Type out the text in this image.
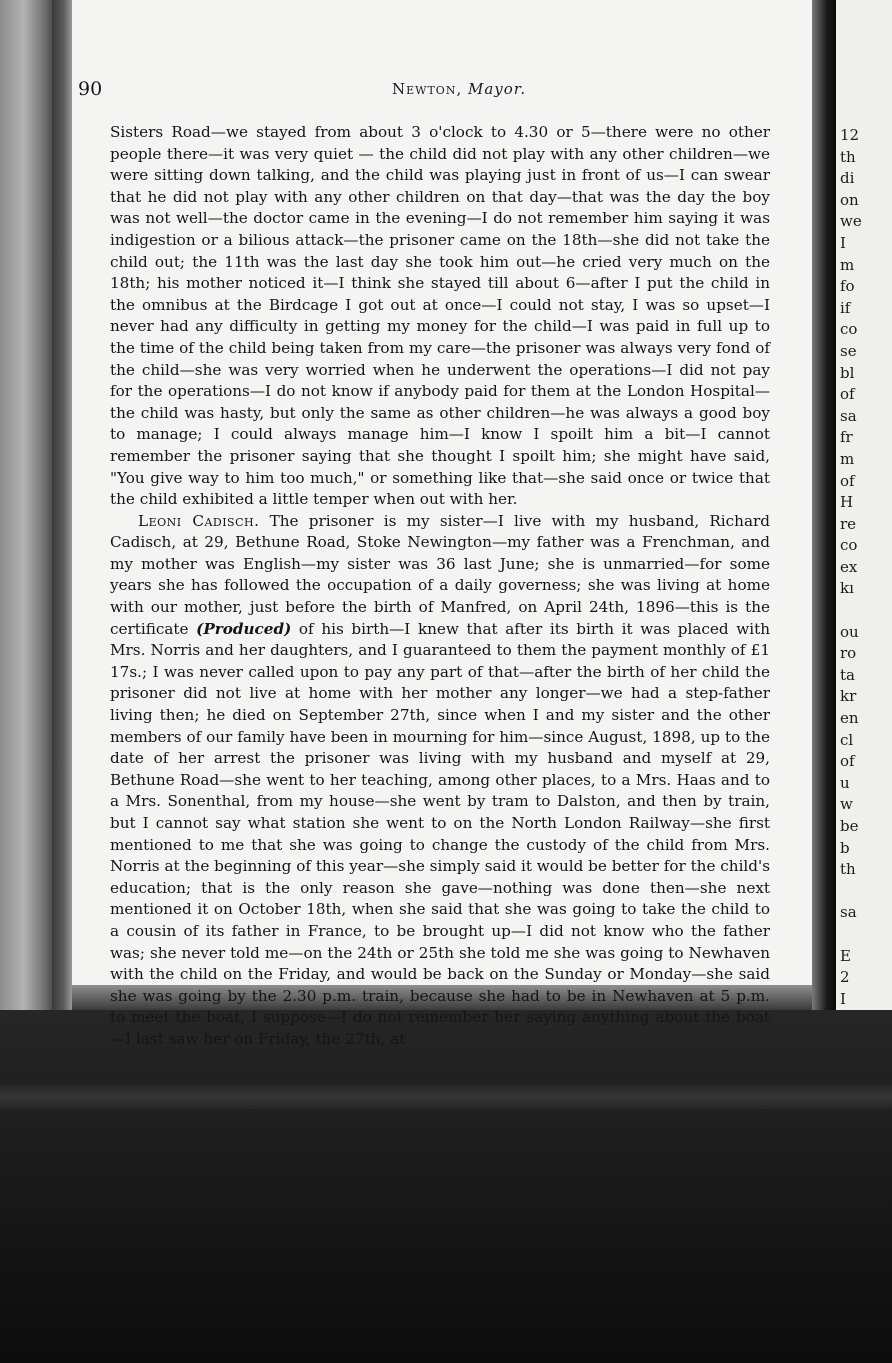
12
th
di
on
we
I
m
fo
if
co
se
bl
of
sa
fr
m
of
H
re
co
ex
kı

ou
ro
ta
kr
en
cl
of
u
w
be
b
th

sa

E
2
I

90	Newton, Mayor.

Sisters Road—we stayed from about 3 o'clock to 4.30 or 5—there were no other people there—it was very quiet — the child did not play with any other children—we were sitting down talking, and the child was playing just in front of us—I can swear that he did not play with any other children on that day—that was the day the boy was not well—the doctor came in the evening—I do not remember him saying it was indigestion or a bilious attack—the prisoner came on the 18th—she did not take the child out; the 11th was the last day she took him out—he cried very much on the 18th; his mother noticed it—I think she stayed till about 6—after I put the child in the omnibus at the Birdcage I got out at once—I could not stay, I was so upset—I never had any difficulty in getting my money for the child—I was paid in full up to the time of the child being taken from my care—the prisoner was always very fond of the child—she was very worried when he underwent the operations—I did not pay for the operations—I do not know if anybody paid for them at the London Hospital—the child was hasty, but only the same as other children—he was always a good boy to manage; I could always manage him—I know I spoilt him a bit—I cannot remember the prisoner saying that she thought I spoilt him; she might have said, "You give way to him too much," or something like that—she said once or twice that the child exhibited a little temper when out with her.

Leoni Cadisch. The prisoner is my sister—I live with my husband, Richard Cadisch, at 29, Bethune Road, Stoke Newington—my father was a Frenchman, and my mother was English—my sister was 36 last June; she is unmarried—for some years she has followed the occupation of a daily governess; she was living at home with our mother, just before the birth of Manfred, on April 24th, 1896—this is the certificate (Produced) of his birth—I knew that after its birth it was placed with Mrs. Norris and her daughters, and I guaranteed to them the payment monthly of £1 17s.; I was never called upon to pay any part of that—after the birth of her child the prisoner did not live at home with her mother any longer—we had a step-father living then; he died on September 27th, since when I and my sister and the other members of our family have been in mourning for him—since August, 1898, up to the date of her arrest the prisoner was living with my husband and myself at 29, Bethune Road—she went to her teaching, among other places, to a Mrs. Haas and to a Mrs. Sonenthal, from my house—she went by tram to Dalston, and then by train, but I cannot say what station she went to on the North London Railway—she first mentioned to me that she was going to change the custody of the child from Mrs. Norris at the beginning of this year—she simply said it would be better for the child's education; that is the only reason she gave—nothing was done then—she next mentioned it on October 18th, when she said that she was going to take the child to a cousin of its father in France, to be brought up—I did not know who the father was; she never told me—on the 24th or 25th she told me she was going to Newhaven with the child on the Friday, and would be back on the Sunday or Monday—she said she was going by the 2.30 p.m. train, because she had to be in Newhaven at 5 p.m. to meet the boat, I suppose—I do not remember her saying anything about the boat—I last saw her on Friday, the 27th, at
